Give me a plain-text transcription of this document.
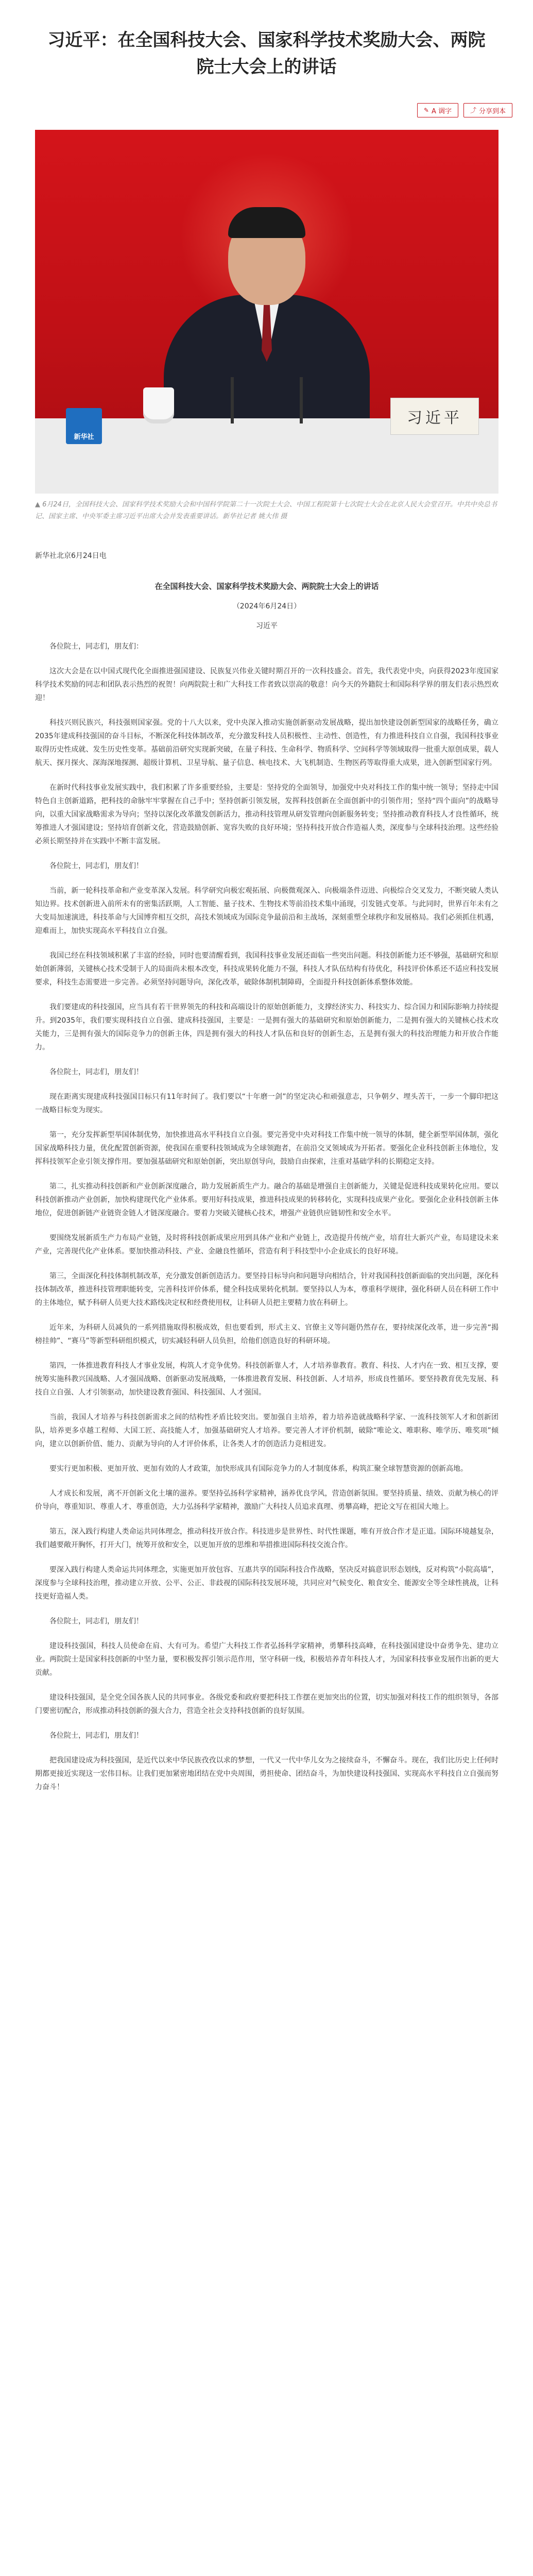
习近平：在全国科技大会、国家科学技术奖励大会、两院
院士大会上的讲话
✎ A 调字	⤴ 分享到本
新华社
习近平
▲ 6月24日，全国科技大会、国家科学技术奖励大会和中国科学院第二十一次院士大会、中国工程院第十七次院士大会在北京人民大会堂召开。中共中央总书记、国家主席、中央军委主席习近平出席大会并发表重要讲话。新华社记者 姚大伟 摄

新华社北京6月24日电

在全国科技大会、国家科学技术奖励大会、两院院士大会上的讲话

（2024年6月24日）

习近平

各位院士，同志们，朋友们：

这次大会是在以中国式现代化全面推进强国建设、民族复兴伟业关键时期召开的一次科技盛会。首先，我代表党中央，向获得2023年度国家科学技术奖励的同志和团队表示热烈的祝贺！向两院院士和广大科技工作者致以崇高的敬意！向今天的外籍院士和国际科学界的朋友们表示热烈欢迎！

科技兴则民族兴，科技强则国家强。党的十八大以来，党中央深入推动实施创新驱动发展战略，提出加快建设创新型国家的战略任务，确立2035年建成科技强国的奋斗目标，不断深化科技体制改革，充分激发科技人员积极性、主动性、创造性，有力推进科技自立自强，我国科技事业取得历史性成就、发生历史性变革。基础前沿研究实现新突破，在量子科技、生命科学、物质科学、空间科学等领域取得一批重大原创成果，载人航天、探月探火、深海深地探测、超级计算机、卫星导航、量子信息、核电技术、大飞机制造、生物医药等取得重大成果，进入创新型国家行列。

在新时代科技事业发展实践中，我们积累了许多重要经验，主要是：坚持党的全面领导，加强党中央对科技工作的集中统一领导；坚持走中国特色自主创新道路，把科技的命脉牢牢掌握在自己手中；坚持创新引领发展，发挥科技创新在全面创新中的引领作用；坚持“四个面向”的战略导向，以重大国家战略需求为导向；坚持以深化改革激发创新活力，推动科技管理从研发管理向创新服务转变；坚持推动教育科技人才良性循环，统筹推进人才强国建设；坚持培育创新文化，营造鼓励创新、宽容失败的良好环境；坚持科技开放合作造福人类，深度参与全球科技治理。这些经验必须长期坚持并在实践中不断丰富发展。

各位院士，同志们，朋友们！

当前，新一轮科技革命和产业变革深入发展。科学研究向极宏观拓展、向极微观深入、向极端条件迈进、向极综合交叉发力，不断突破人类认知边界。技术创新进入前所未有的密集活跃期，人工智能、量子技术、生物技术等前沿技术集中涌现，引发链式变革。与此同时，世界百年未有之大变局加速演进，科技革命与大国博弈相互交织，高技术领域成为国际竞争最前沿和主战场，深刻重塑全球秩序和发展格局。我们必须抓住机遇，迎难而上，加快实现高水平科技自立自强。

我国已经在科技领域积累了丰富的经验，同时也要清醒看到，我国科技事业发展还面临一些突出问题。科技创新能力还不够强，基础研究和原始创新薄弱，关键核心技术受制于人的局面尚未根本改变，科技成果转化能力不强，科技人才队伍结构有待优化，科技评价体系还不适应科技发展要求，科技生态需要进一步完善。必须坚持问题导向，深化改革，破除体制机制障碍，全面提升科技创新体系整体效能。

我们要建成的科技强国，应当具有若干世界领先的科技和高端设计的原始创新能力，支撑经济实力、科技实力、综合国力和国际影响力持续提升。到2035年，我们要实现科技自立自强、建成科技强国，主要是：一是拥有强大的基础研究和原始创新能力，二是拥有强大的关键核心技术攻关能力，三是拥有强大的国际竞争力的创新主体，四是拥有强大的科技人才队伍和良好的创新生态，五是拥有强大的科技治理能力和开放合作能力。

各位院士，同志们，朋友们！

现在距离实现建成科技强国目标只有11年时间了。我们要以“十年磨一剑”的坚定决心和顽强意志，只争朝夕、埋头苦干，一步一个脚印把这一战略目标变为现实。

第一，充分发挥新型举国体制优势，加快推进高水平科技自立自强。要完善党中央对科技工作集中统一领导的体制，健全新型举国体制，强化国家战略科技力量，优化配置创新资源，使我国在重要科技领域成为全球领跑者，在前沿交叉领域成为开拓者。要强化企业科技创新主体地位，发挥科技领军企业引领支撑作用。要加强基础研究和原始创新，突出原创导向，鼓励自由探索，注重对基础学科的长期稳定支持。

第二，扎实推动科技创新和产业创新深度融合，助力发展新质生产力。融合的基础是增强自主创新能力，关键是促进科技成果转化应用。要以科技创新推动产业创新，加快构建现代化产业体系。要用好科技成果，推进科技成果的转移转化，实现科技成果产业化。要强化企业科技创新主体地位，促进创新链产业链资金链人才链深度融合。要着力突破关键核心技术，增强产业链供应链韧性和安全水平。

要围绕发展新质生产力布局产业链，及时将科技创新成果应用到具体产业和产业链上，改造提升传统产业，培育壮大新兴产业，布局建设未来产业，完善现代化产业体系。要加快推动科技、产业、金融良性循环，营造有利于科技型中小企业成长的良好环境。

第三，全面深化科技体制机制改革，充分激发创新创造活力。要坚持目标导向和问题导向相结合，针对我国科技创新面临的突出问题，深化科技体制改革，推进科技管理职能转变，完善科技评价体系，健全科技成果转化机制。要坚持以人为本，尊重科学规律，强化科研人员在科研工作中的主体地位，赋予科研人员更大技术路线决定权和经费使用权，让科研人员把主要精力放在科研上。

近年来，为科研人员减负的一系列措施取得积极成效，但也要看到，形式主义、官僚主义等问题仍然存在，要持续深化改革，进一步完善“揭榜挂帅”、“赛马”等新型科研组织模式，切实减轻科研人员负担，给他们创造良好的科研环境。

第四，一体推进教育科技人才事业发展，构筑人才竞争优势。科技创新靠人才，人才培养靠教育。教育、科技、人才内在一致、相互支撑，要统筹实施科教兴国战略、人才强国战略、创新驱动发展战略，一体推进教育发展、科技创新、人才培养，形成良性循环。要坚持教育优先发展、科技自立自强、人才引领驱动，加快建设教育强国、科技强国、人才强国。

当前，我国人才培养与科技创新需求之间的结构性矛盾比较突出。要加强自主培养，着力培养造就战略科学家、一流科技领军人才和创新团队，培养更多卓越工程师、大国工匠、高技能人才，加强基础研究人才培养。要完善人才评价机制，破除“唯论文、唯职称、唯学历、唯奖项”倾向，建立以创新价值、能力、贡献为导向的人才评价体系，让各类人才的创造活力竞相迸发。

要实行更加积极、更加开放、更加有效的人才政策，加快形成具有国际竞争力的人才制度体系，构筑汇聚全球智慧资源的创新高地。

人才成长和发展，离不开创新文化土壤的滋养。要坚持弘扬科学家精神，涵养优良学风，营造创新氛围。要坚持质量、绩效、贡献为核心的评价导向，尊重知识、尊重人才、尊重创造，大力弘扬科学家精神，激励广大科技人员追求真理、勇攀高峰，把论文写在祖国大地上。

第五，深入践行构建人类命运共同体理念，推动科技开放合作。科技进步是世界性、时代性课题，唯有开放合作才是正道。国际环境越复杂，我们越要敞开胸怀，打开大门，统筹开放和安全，以更加开放的思维和举措推进国际科技交流合作。

要深入践行构建人类命运共同体理念，实施更加开放包容、互惠共享的国际科技合作战略，坚决反对搞意识形态划线，反对构筑“小院高墙”，深度参与全球科技治理，推动建立开放、公平、公正、非歧视的国际科技发展环境，共同应对气候变化、粮食安全、能源安全等全球性挑战，让科技更好造福人类。

各位院士，同志们，朋友们！

建设科技强国，科技人员使命在肩、大有可为。希望广大科技工作者弘扬科学家精神，勇攀科技高峰，在科技强国建设中奋勇争先、建功立业。两院院士是国家科技创新的中坚力量，要积极发挥引领示范作用，坚守科研一线，积极培养青年科技人才，为国家科技事业发展作出新的更大贡献。

建设科技强国，是全党全国各族人民的共同事业。各级党委和政府要把科技工作摆在更加突出的位置，切实加强对科技工作的组织领导，各部门要密切配合，形成推动科技创新的强大合力，营造全社会支持科技创新的良好氛围。

各位院士，同志们，朋友们！

把我国建设成为科技强国，是近代以来中华民族孜孜以求的梦想，一代又一代中华儿女为之接续奋斗，不懈奋斗。现在，我们比历史上任何时期都更接近实现这一宏伟目标。让我们更加紧密地团结在党中央周围，勇担使命、团结奋斗，为加快建设科技强国、实现高水平科技自立自强而努力奋斗！
